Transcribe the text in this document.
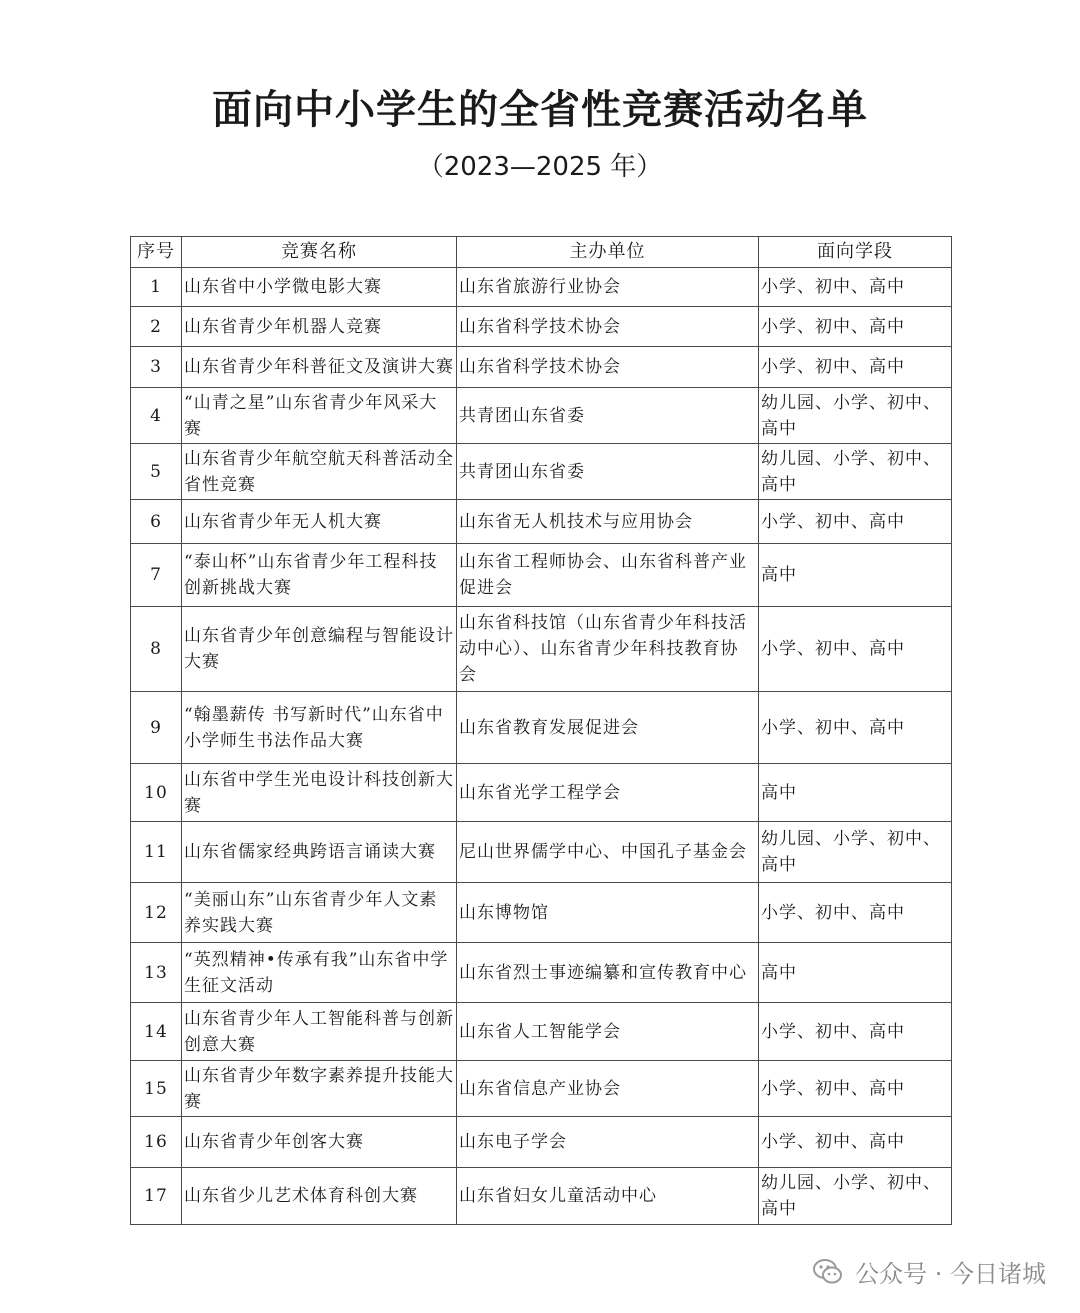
面向中小学生的全省性竞赛活动名单
（2023—2025 年）
序号	竞赛名称	主办单位	面向学段
1	山东省中小学微电影大赛	山东省旅游行业协会	小学、初中、高中
2	山东省青少年机器人竞赛	山东省科学技术协会	小学、初中、高中
3	山东省青少年科普征文及演讲大赛	山东省科学技术协会	小学、初中、高中
4	“山青之星”山东省青少年风采大赛	共青团山东省委	幼儿园、小学、初中、高中
5	山东省青少年航空航天科普活动全省性竞赛	共青团山东省委	幼儿园、小学、初中、高中
6	山东省青少年无人机大赛	山东省无人机技术与应用协会	小学、初中、高中
7	“泰山杯”山东省青少年工程科技创新挑战大赛	山东省工程师协会、山东省科普产业促进会	高中
8	山东省青少年创意编程与智能设计大赛	山东省科技馆（山东省青少年科技活动中心）、山东省青少年科技教育协会	小学、初中、高中
9	“翰墨薪传 书写新时代”山东省中小学师生书法作品大赛	山东省教育发展促进会	小学、初中、高中
10	山东省中学生光电设计科技创新大赛	山东省光学工程学会	高中
11	山东省儒家经典跨语言诵读大赛	尼山世界儒学中心、中国孔子基金会	幼儿园、小学、初中、高中
12	“美丽山东”山东省青少年人文素养实践大赛	山东博物馆	小学、初中、高中
13	“英烈精神•传承有我”山东省中学生征文活动	山东省烈士事迹编纂和宣传教育中心	高中
14	山东省青少年人工智能科普与创新创意大赛	山东省人工智能学会	小学、初中、高中
15	山东省青少年数字素养提升技能大赛	山东省信息产业协会	小学、初中、高中
16	山东省青少年创客大赛	山东电子学会	小学、初中、高中
17	山东省少儿艺术体育科创大赛	山东省妇女儿童活动中心	幼儿园、小学、初中、高中
公众号 · 今日诸城
